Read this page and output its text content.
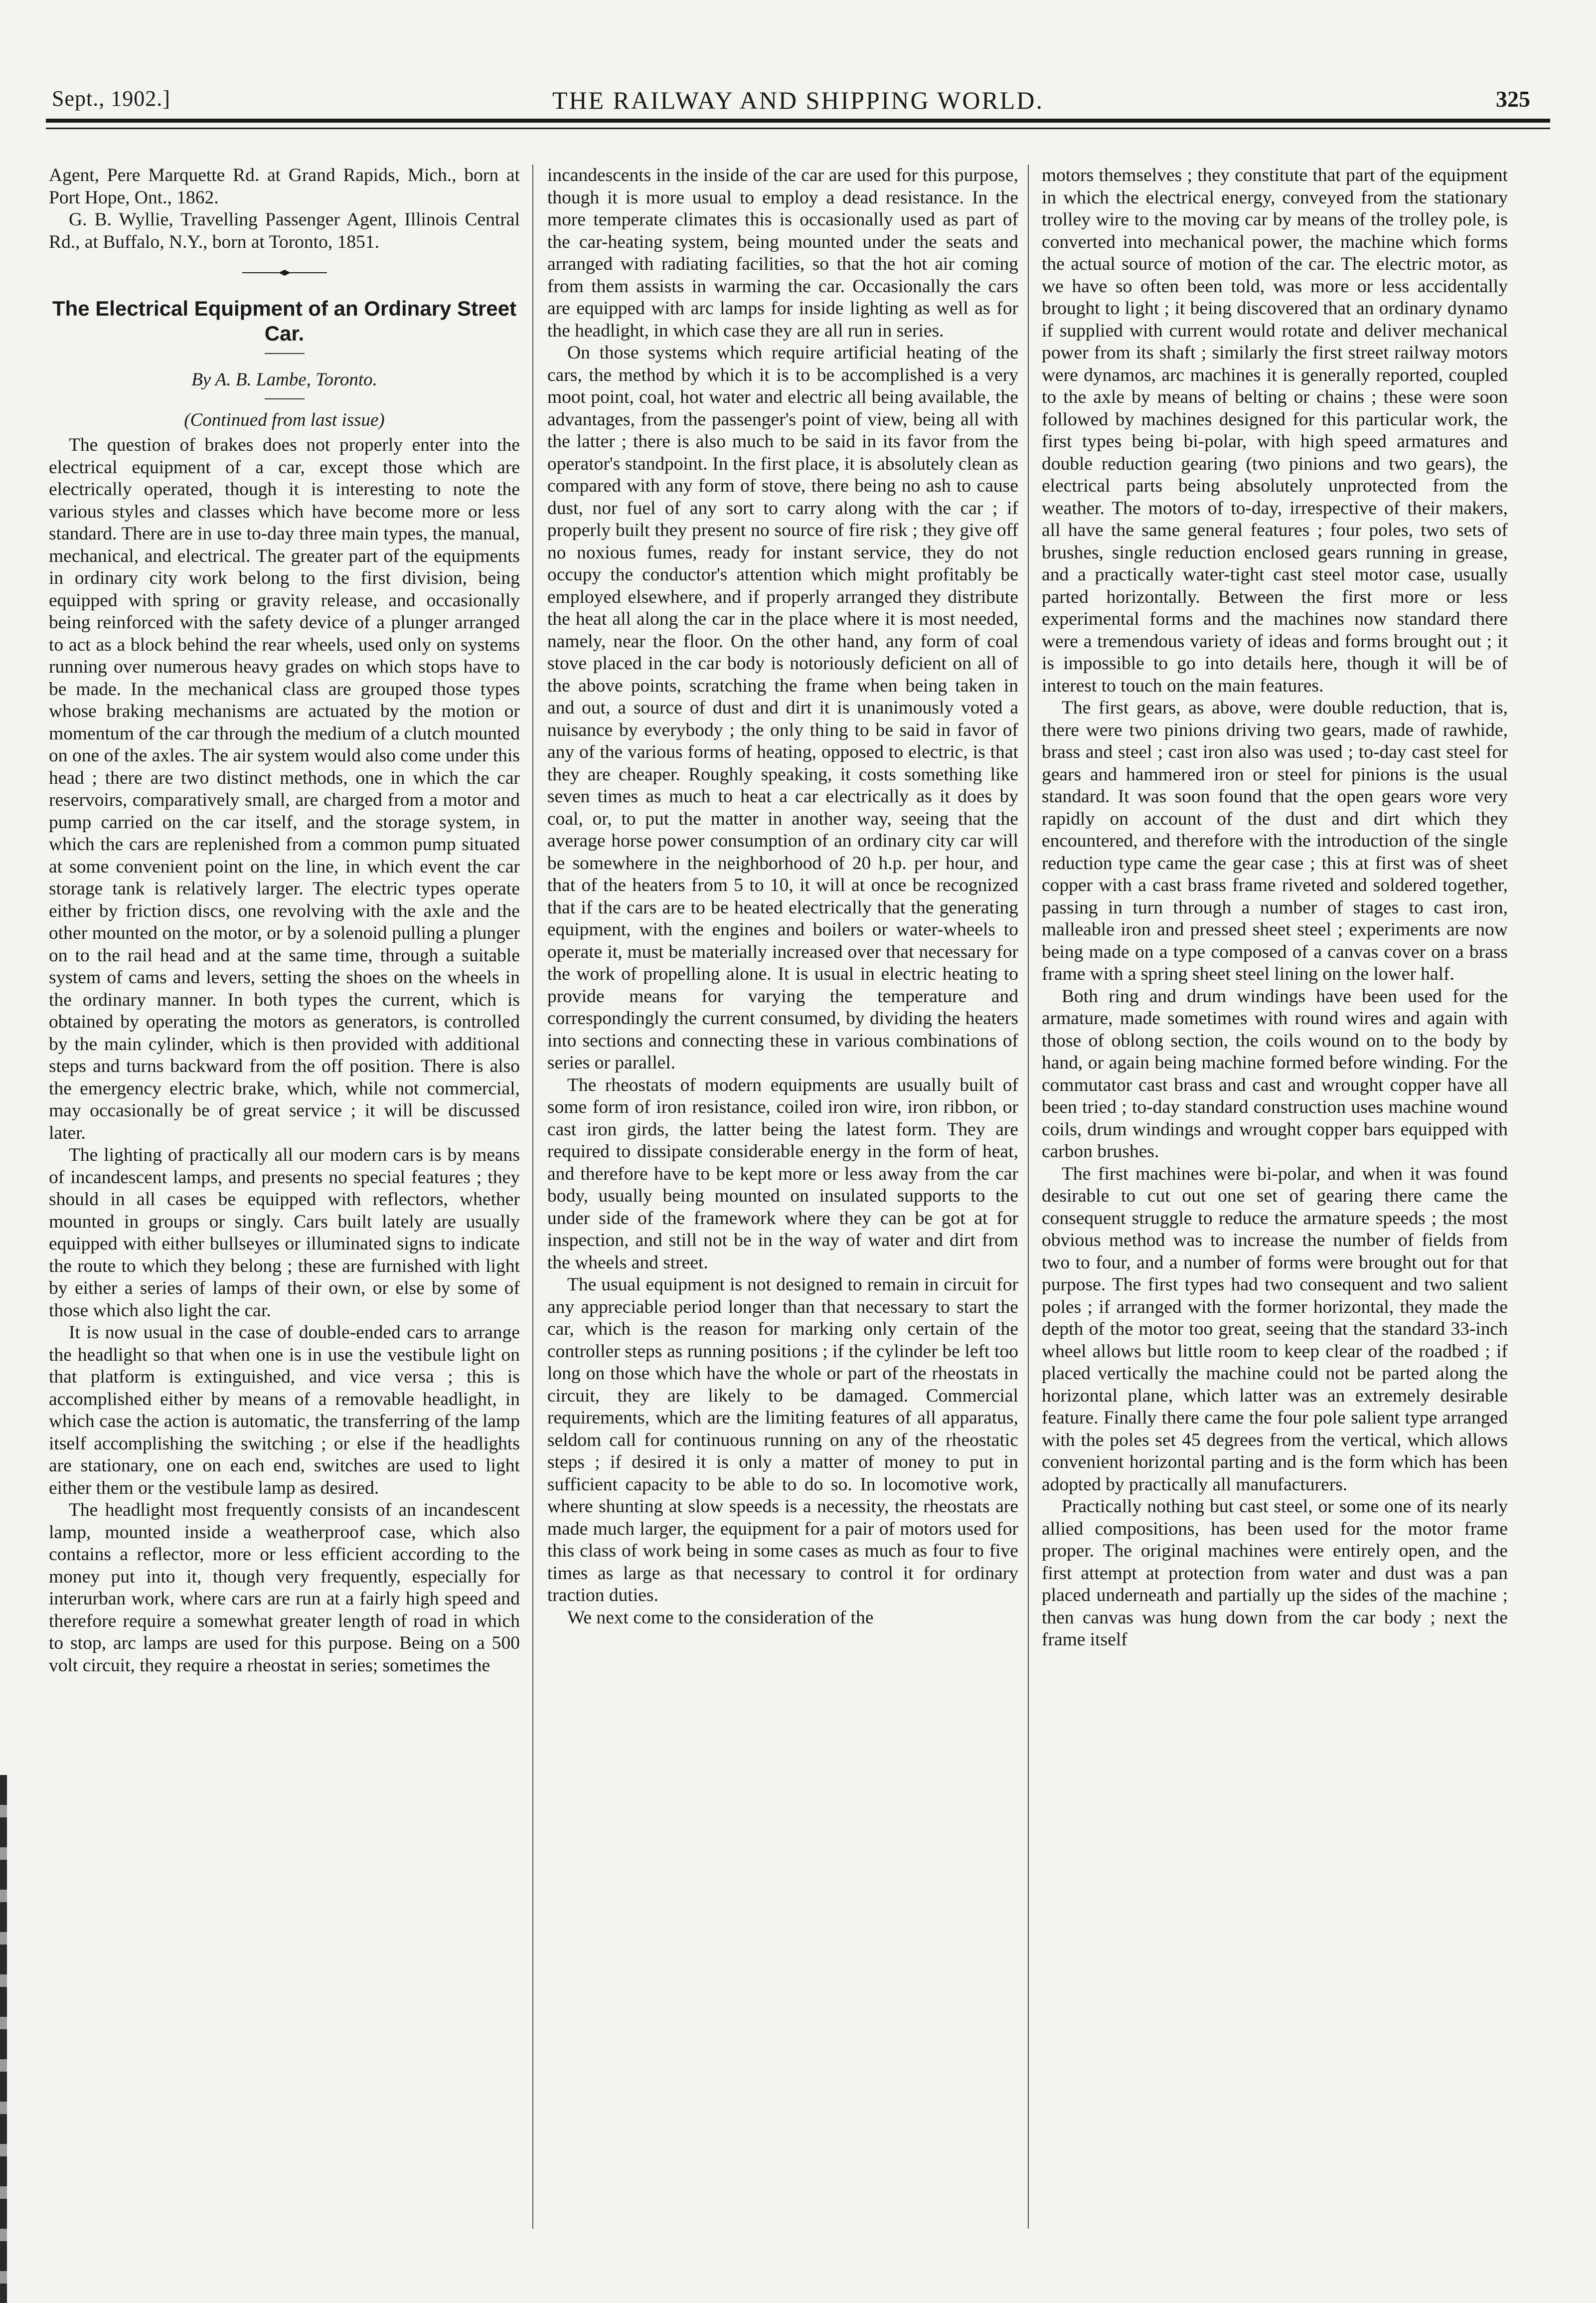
Sept., 1902.]	THE RAILWAY AND SHIPPING WORLD.	325

Agent, Pere Marquette Rd. at Grand Rapids, Mich., born at Port Hope, Ont., 1862.

G. B. Wyllie, Travelling Passenger Agent, Illinois Central Rd., at Buffalo, N.Y., born at Toronto, 1851.

The Electrical Equipment of an Ordinary Street Car.
By A. B. Lambe, Toronto.
(Continued from last issue)

The question of brakes does not properly enter into the electrical equipment of a car, except those which are electrically operated, though it is interesting to note the various styles and classes which have become more or less standard. There are in use to-day three main types, the manual, mechanical, and electrical. The greater part of the equipments in ordinary city work belong to the first division, being equipped with spring or gravity release, and occasionally being reinforced with the safety device of a plunger arranged to act as a block behind the rear wheels, used only on systems running over numerous heavy grades on which stops have to be made. In the mechanical class are grouped those types whose braking mechanisms are actuated by the motion or momentum of the car through the medium of a clutch mounted on one of the axles. The air system would also come under this head ; there are two distinct methods, one in which the car reservoirs, comparatively small, are charged from a motor and pump carried on the car itself, and the storage system, in which the cars are replenished from a common pump situated at some convenient point on the line, in which event the car storage tank is relatively larger. The electric types operate either by friction discs, one revolving with the axle and the other mounted on the motor, or by a solenoid pulling a plunger on to the rail head and at the same time, through a suitable system of cams and levers, setting the shoes on the wheels in the ordinary manner. In both types the current, which is obtained by operating the motors as generators, is controlled by the main cylinder, which is then provided with additional steps and turns backward from the off position. There is also the emergency electric brake, which, while not commercial, may occasionally be of great service ; it will be discussed later.

The lighting of practically all our modern cars is by means of incandescent lamps, and presents no special features ; they should in all cases be equipped with reflectors, whether mounted in groups or singly. Cars built lately are usually equipped with either bullseyes or illuminated signs to indicate the route to which they belong ; these are furnished with light by either a series of lamps of their own, or else by some of those which also light the car.

It is now usual in the case of double-ended cars to arrange the headlight so that when one is in use the vestibule light on that platform is extinguished, and vice versa ; this is accomplished either by means of a removable headlight, in which case the action is automatic, the transferring of the lamp itself accomplishing the switching ; or else if the headlights are stationary, one on each end, switches are used to light either them or the vestibule lamp as desired.

The headlight most frequently consists of an incandescent lamp, mounted inside a weatherproof case, which also contains a reflector, more or less efficient according to the money put into it, though very frequently, especially for interurban work, where cars are run at a fairly high speed and therefore require a somewhat greater length of road in which to stop, arc lamps are used for this purpose. Being on a 500 volt circuit, they require a rheostat in series; sometimes the

incandescents in the inside of the car are used for this purpose, though it is more usual to employ a dead resistance. In the more temperate climates this is occasionally used as part of the car-heating system, being mounted under the seats and arranged with radiating facilities, so that the hot air coming from them assists in warming the car. Occasionally the cars are equipped with arc lamps for inside lighting as well as for the headlight, in which case they are all run in series.

On those systems which require artificial heating of the cars, the method by which it is to be accomplished is a very moot point, coal, hot water and electric all being available, the advantages, from the passenger's point of view, being all with the latter ; there is also much to be said in its favor from the operator's standpoint. In the first place, it is absolutely clean as compared with any form of stove, there being no ash to cause dust, nor fuel of any sort to carry along with the car ; if properly built they present no source of fire risk ; they give off no noxious fumes, ready for instant service, they do not occupy the conductor's attention which might profitably be employed elsewhere, and if properly arranged they distribute the heat all along the car in the place where it is most needed, namely, near the floor. On the other hand, any form of coal stove placed in the car body is notoriously deficient on all of the above points, scratching the frame when being taken in and out, a source of dust and dirt it is unanimously voted a nuisance by everybody ; the only thing to be said in favor of any of the various forms of heating, opposed to electric, is that they are cheaper. Roughly speaking, it costs something like seven times as much to heat a car electrically as it does by coal, or, to put the matter in another way, seeing that the average horse power consumption of an ordinary city car will be somewhere in the neighborhood of 20 h.p. per hour, and that of the heaters from 5 to 10, it will at once be recognized that if the cars are to be heated electrically that the generating equipment, with the engines and boilers or water-wheels to operate it, must be materially increased over that necessary for the work of propelling alone. It is usual in electric heating to provide means for varying the temperature and correspondingly the current consumed, by dividing the heaters into sections and connecting these in various combinations of series or parallel.

The rheostats of modern equipments are usually built of some form of iron resistance, coiled iron wire, iron ribbon, or cast iron girds, the latter being the latest form. They are required to dissipate considerable energy in the form of heat, and therefore have to be kept more or less away from the car body, usually being mounted on insulated supports to the under side of the framework where they can be got at for inspection, and still not be in the way of water and dirt from the wheels and street.

The usual equipment is not designed to remain in circuit for any appreciable period longer than that necessary to start the car, which is the reason for marking only certain of the controller steps as running positions ; if the cylinder be left too long on those which have the whole or part of the rheostats in circuit, they are likely to be damaged. Commercial requirements, which are the limiting features of all apparatus, seldom call for continuous running on any of the rheostatic steps ; if desired it is only a matter of money to put in sufficient capacity to be able to do so. In locomotive work, where shunting at slow speeds is a necessity, the rheostats are made much larger, the equipment for a pair of motors used for this class of work being in some cases as much as four to five times as large as that necessary to control it for ordinary traction duties.

We next come to the consideration of the

motors themselves ; they constitute that part of the equipment in which the electrical energy, conveyed from the stationary trolley wire to the moving car by means of the trolley pole, is converted into mechanical power, the machine which forms the actual source of motion of the car. The electric motor, as we have so often been told, was more or less accidentally brought to light ; it being discovered that an ordinary dynamo if supplied with current would rotate and deliver mechanical power from its shaft ; similarly the first street railway motors were dynamos, arc machines it is generally reported, coupled to the axle by means of belting or chains ; these were soon followed by machines designed for this particular work, the first types being bi-polar, with high speed armatures and double reduction gearing (two pinions and two gears), the electrical parts being absolutely unprotected from the weather. The motors of to-day, irrespective of their makers, all have the same general features ; four poles, two sets of brushes, single reduction enclosed gears running in grease, and a practically water-tight cast steel motor case, usually parted horizontally. Between the first more or less experimental forms and the machines now standard there were a tremendous variety of ideas and forms brought out ; it is impossible to go into details here, though it will be of interest to touch on the main features.

The first gears, as above, were double reduction, that is, there were two pinions driving two gears, made of rawhide, brass and steel ; cast iron also was used ; to-day cast steel for gears and hammered iron or steel for pinions is the usual standard. It was soon found that the open gears wore very rapidly on account of the dust and dirt which they encountered, and therefore with the introduction of the single reduction type came the gear case ; this at first was of sheet copper with a cast brass frame riveted and soldered together, passing in turn through a number of stages to cast iron, malleable iron and pressed sheet steel ; experiments are now being made on a type composed of a canvas cover on a brass frame with a spring sheet steel lining on the lower half.

Both ring and drum windings have been used for the armature, made sometimes with round wires and again with those of oblong section, the coils wound on to the body by hand, or again being machine formed before winding. For the commutator cast brass and cast and wrought copper have all been tried ; to-day standard construction uses machine wound coils, drum windings and wrought copper bars equipped with carbon brushes.

The first machines were bi-polar, and when it was found desirable to cut out one set of gearing there came the consequent struggle to reduce the armature speeds ; the most obvious method was to increase the number of fields from two to four, and a number of forms were brought out for that purpose. The first types had two consequent and two salient poles ; if arranged with the former horizontal, they made the depth of the motor too great, seeing that the standard 33-inch wheel allows but little room to keep clear of the roadbed ; if placed vertically the machine could not be parted along the horizontal plane, which latter was an extremely desirable feature. Finally there came the four pole salient type arranged with the poles set 45 degrees from the vertical, which allows convenient horizontal parting and is the form which has been adopted by practically all manufacturers.

Practically nothing but cast steel, or some one of its nearly allied compositions, has been used for the motor frame proper. The original machines were entirely open, and the first attempt at protection from water and dust was a pan placed underneath and partially up the sides of the machine ; then canvas was hung down from the car body ; next the frame itself
